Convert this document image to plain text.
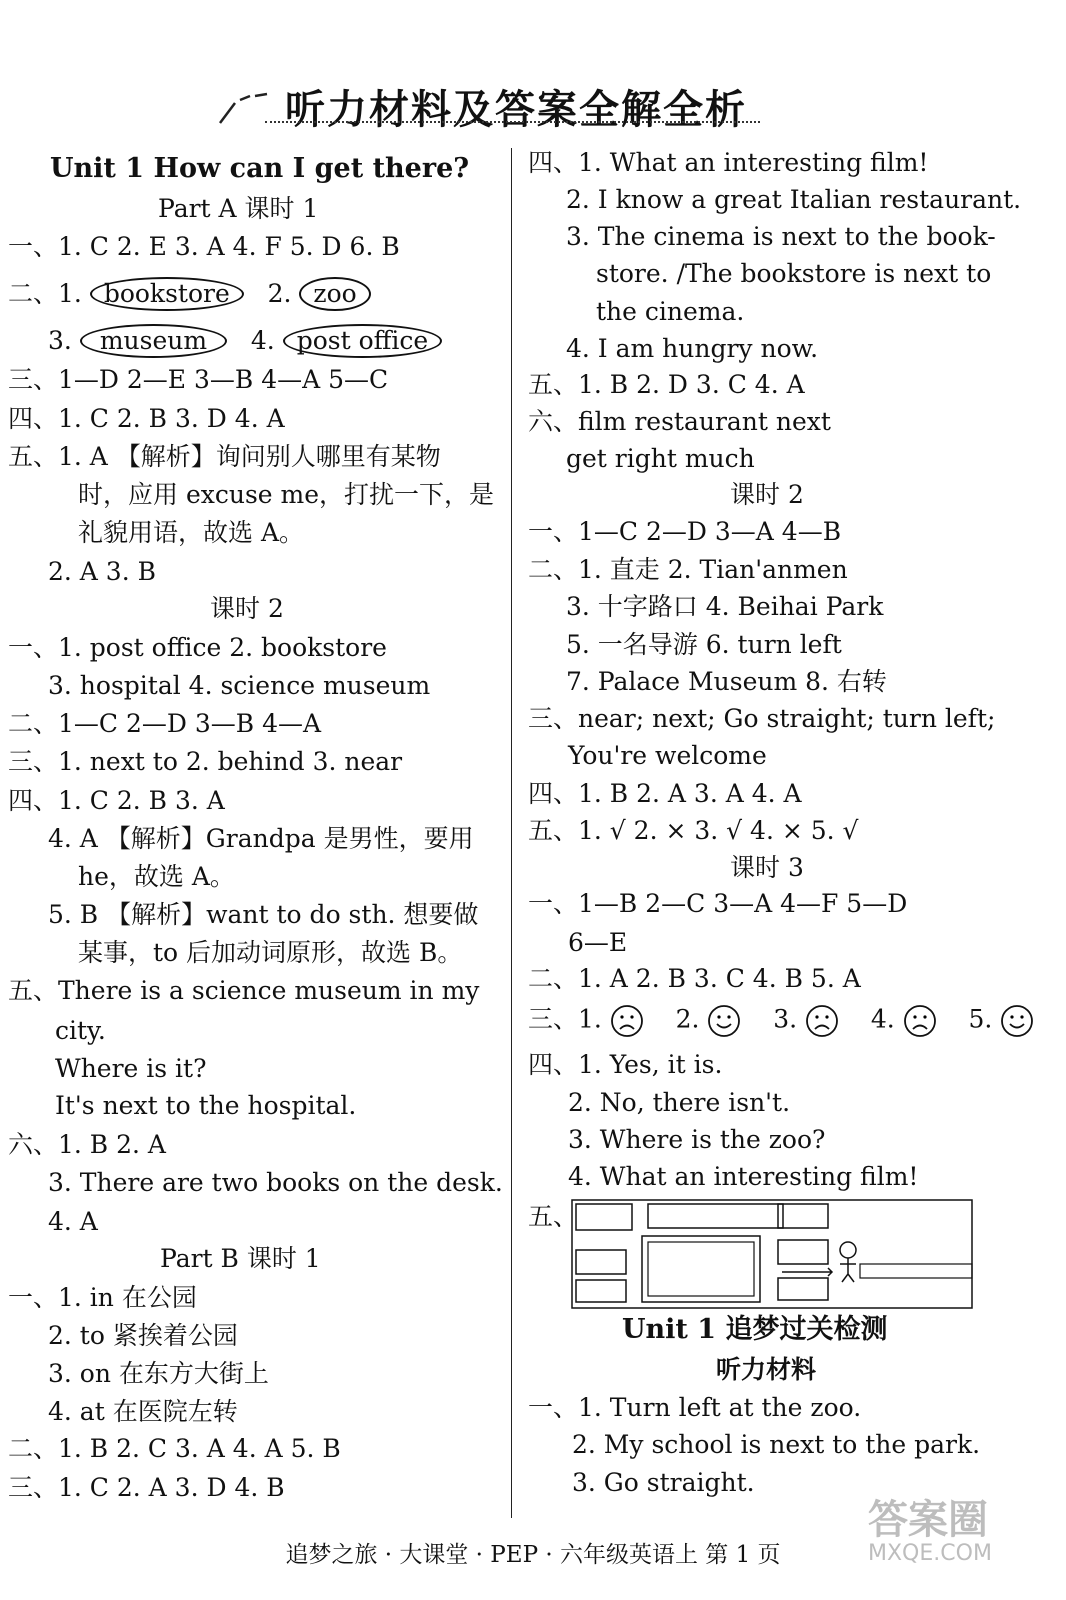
听力材料及答案全解全析
Unit 1 How can I get there?
Part A 课时 1
一、1. C 2. E 3. A 4. F 5. D 6. B
二、1. bookstore 2. zoo
3. museum 4. post office
三、1—D 2—E 3—B 4—A 5—C
四、1. C 2. B 3. D 4. A
五、1. A 【解析】询问别人哪里有某物
时，应用 excuse me，打扰一下，是
礼貌用语，故选 A。
2. A 3. B
课时 2
一、1. post office 2. bookstore
3. hospital 4. science museum
二、1—C 2—D 3—B 4—A
三、1. next to 2. behind 3. near
四、1. C 2. B 3. A
4. A 【解析】Grandpa 是男性，要用
he，故选 A。
5. B 【解析】want to do sth. 想要做
某事，to 后加动词原形，故选 B。
五、There is a science museum in my
city.
Where is it?
It's next to the hospital.
六、1. B 2. A
3. There are two books on the desk.
4. A
Part B 课时 1
一、1. in 在公园
2. to 紧挨着公园
3. on 在东方大街上
4. at 在医院左转
二、1. B 2. C 3. A 4. A 5. B
三、1. C 2. A 3. D 4. B
四、1. What an interesting film!
2. I know a great Italian restaurant.
3. The cinema is next to the book-
store. /The bookstore is next to
the cinema.
4. I am hungry now.
五、1. B 2. D 3. C 4. A
六、film restaurant next
get right much
课时 2
一、1—C 2—D 3—A 4—B
二、1. 直走 2. Tian'anmen
3. 十字路口 4. Beihai Park
5. 一名导游 6. turn left
7. Palace Museum 8. 右转
三、near; next; Go straight; turn left;
You're welcome
四、1. B 2. A 3. A 4. A
五、1. √ 2. × 3. √ 4. × 5. √
课时 3
一、1—B 2—C 3—A 4—F 5—D
6—E
二、1. A 2. B 3. C 4. B 5. A
三、1.	2.	3.	4.	5.
四、1. Yes, it is.
2. No, there isn't.
3. Where is the zoo?
4. What an interesting film!
五、
Unit 1 追梦过关检测
听力材料
一、1. Turn left at the zoo.
2. My school is next to the park.
3. Go straight.
追梦之旅 · 大课堂 · PEP · 六年级英语上 第 1 页
答案圈
MXQE.COM
